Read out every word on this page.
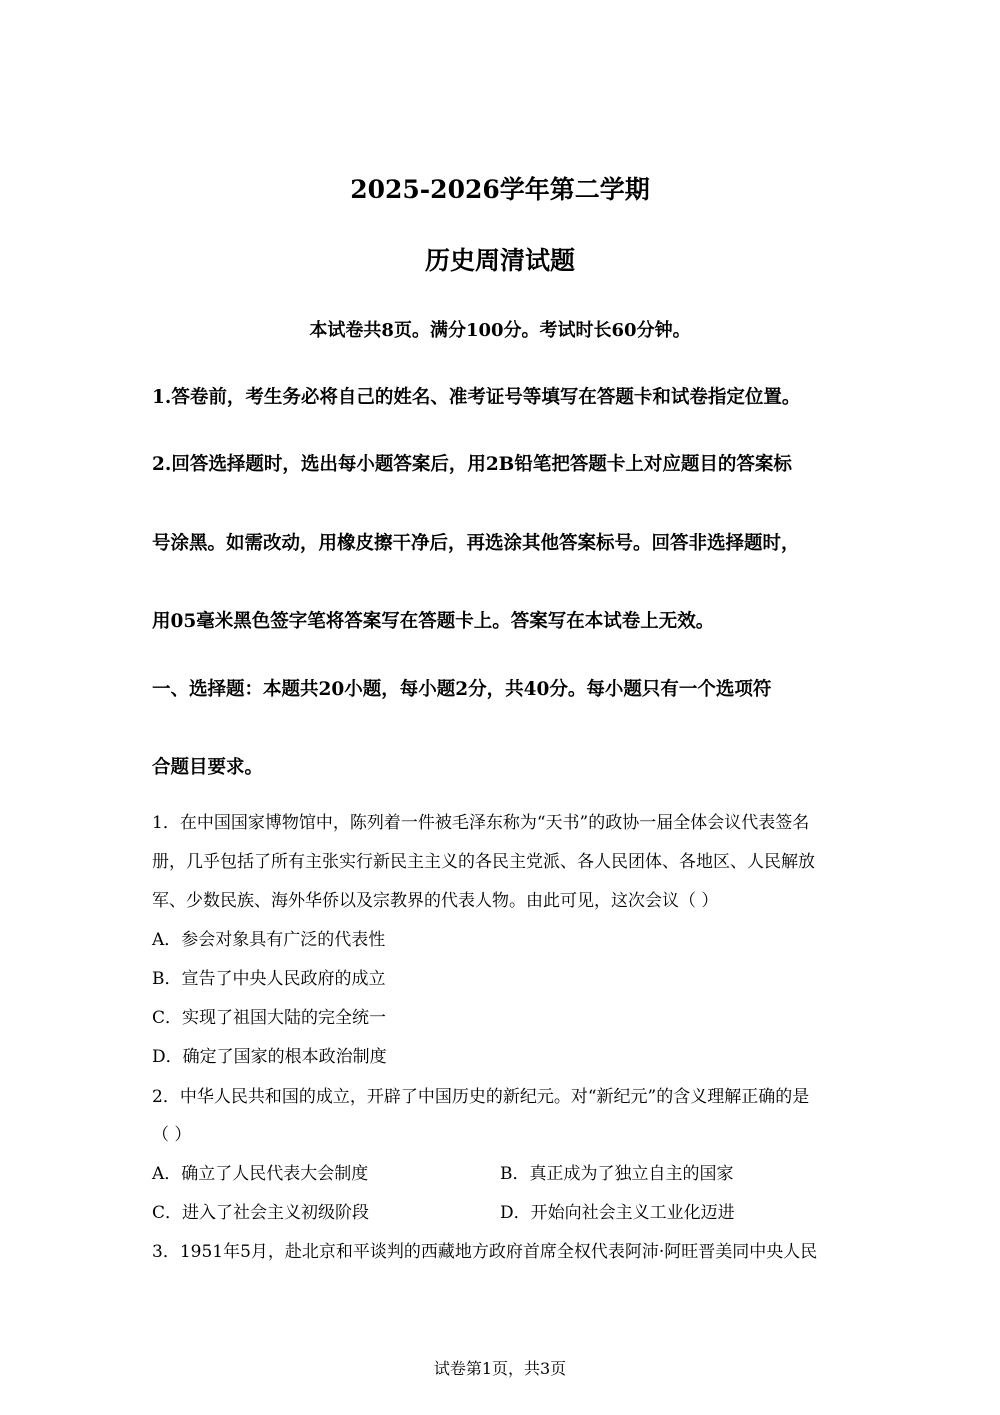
2025-2026学年第二学期
历史周清试题
本试卷共8页。满分100分。考试时长60分钟。
1.答卷前，考生务必将自己的姓名、准考证号等填写在答题卡和试卷指定位置。
2.回答选择题时，选出每小题答案后，用2B铅笔把答题卡上对应题目的答案标
号涂黑。如需改动，用橡皮擦干净后，再选涂其他答案标号。回答非选择题时，
用05毫米黑色签字笔将答案写在答题卡上。答案写在本试卷上无效。
一、选择题：本题共20小题，每小题2分，共40分。每小题只有一个选项符
合题目要求。
1．在中国国家博物馆中，陈列着一件被毛泽东称为“天书”的政协一届全体会议代表签名
册，几乎包括了所有主张实行新民主主义的各民主党派、各人民团体、各地区、人民解放
军、少数民族、海外华侨以及宗教界的代表人物。由此可见，这次会议（ ）
A．参会对象具有广泛的代表性
B．宣告了中央人民政府的成立
C．实现了祖国大陆的完全统一
D．确定了国家的根本政治制度
2．中华人民共和国的成立，开辟了中国历史的新纪元。对“新纪元”的含义理解正确的是
（ ）
A．确立了人民代表大会制度	B．真正成为了独立自主的国家
C．进入了社会主义初级阶段	D．开始向社会主义工业化迈进
3．1951年5月，赴北京和平谈判的西藏地方政府首席全权代表阿沛·阿旺晋美同中央人民
试卷第1页，共3页
